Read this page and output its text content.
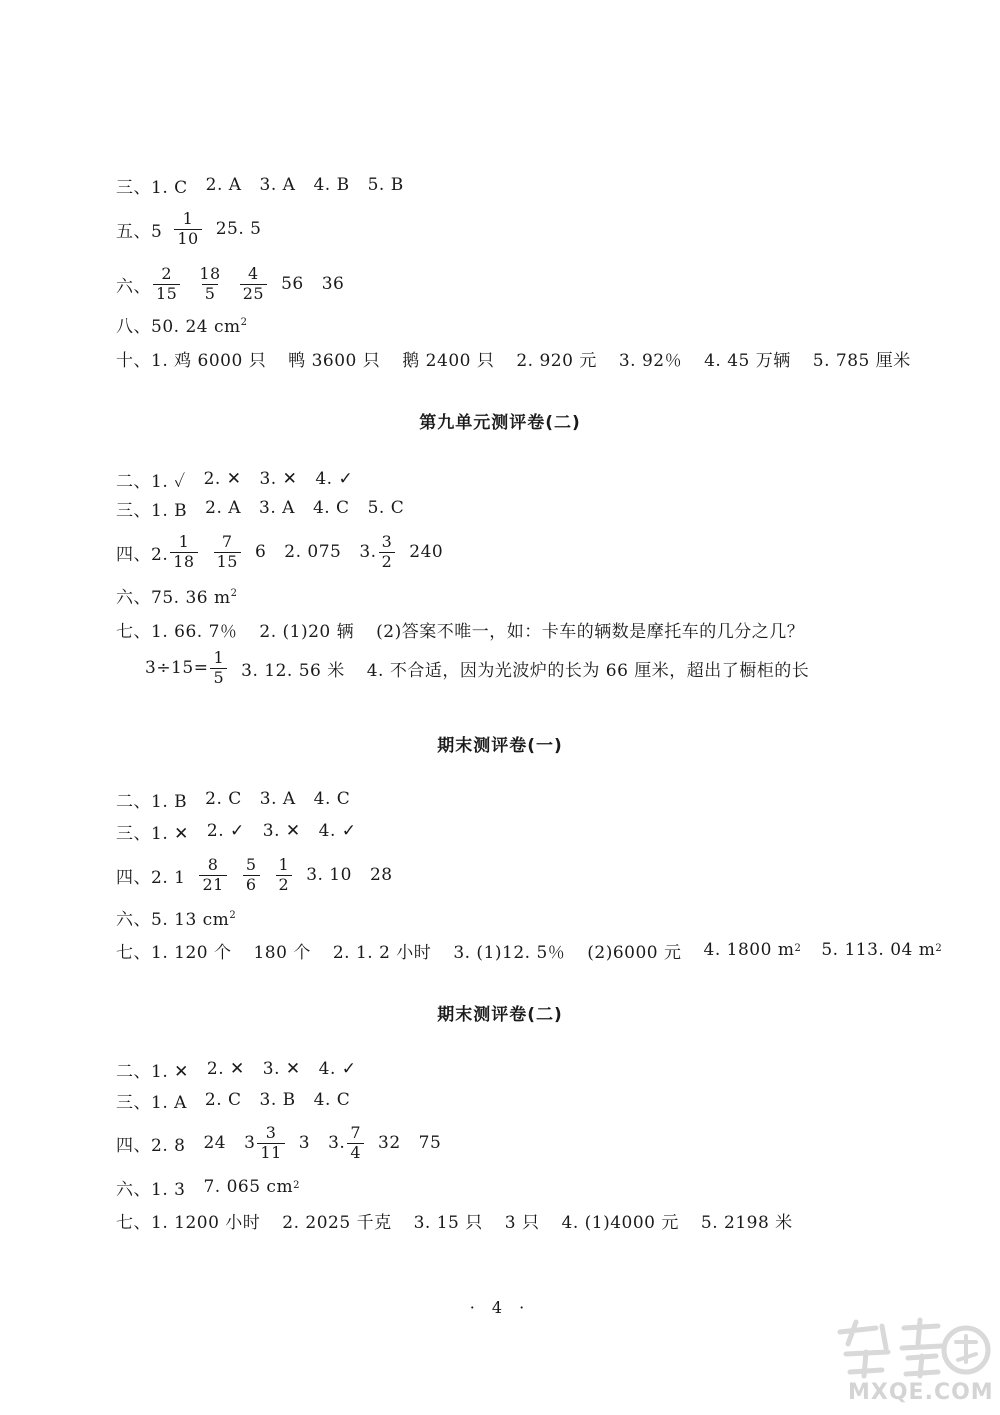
三、1. C 2. A 3. A 4. B 5. B
五、$5 \frac{1}{10} 25$. 5
六、 $\frac{2}{15} \frac{18}{5} \frac{4}{25} 56$ 36
八、50. 24 $cm^2$
十、1. 鸡 6000 只 鸭 3600 只 鹅 2400 只 2. 920 元 3. 92％ 4. 45 万辆 5. 785 厘米
第九单元测评卷(二)
二、1. ✓ 2. ✕ 3. ✕ 4. ✓
三、1. B 2. A 3. A 4. C 5. C
四、2. $\frac{1}{18} \frac{7}{15} 6$ 2. 075 3. $\frac{3}{2} 240$
六、75. 36 $m^2$
七、1. 66. 7％ 2. (1)20 辆 (2)答案不唯一，如：卡车的辆数是摩托车的几分之几？
$3\div 15= \frac{1}{5} 3$. 12. 56 米 4. 不合适，因为光波炉的长为 66 厘米，超出了橱柜的长
期末测评卷(一)
二、1. B 2. C 3. A 4. C
三、1. ✕ 2. ✓ 3. ✕ 4. ✓
四、2. $1 \frac{8}{21} \frac{5}{6} \frac{1}{2} 3$. 10 28
六、5. 13 $cm^2$
七、1. 120 个 180 个 2. 1. 2 小时 3. (1)12. 5％ (2)6000 元 4. 1800 $m^2$ 5. 113. 04 $m^2$
期末测评卷(二)
二、1. ✕ 2. ✕ 3. ✕ 4. ✓
三、1. A 2. C 3. B 4. C
四、2. 8 24 $3 \frac{3}{11} 3$ 3. $\frac{7}{4} 32$ 75
六、1. 3 7. 065 $cm^2$
七、1. 1200 小时 2. 2025 千克 3. 15 只 3 只 4. (1)4000 元 5. 2198 米
· 4 ·
MXQE.COM
